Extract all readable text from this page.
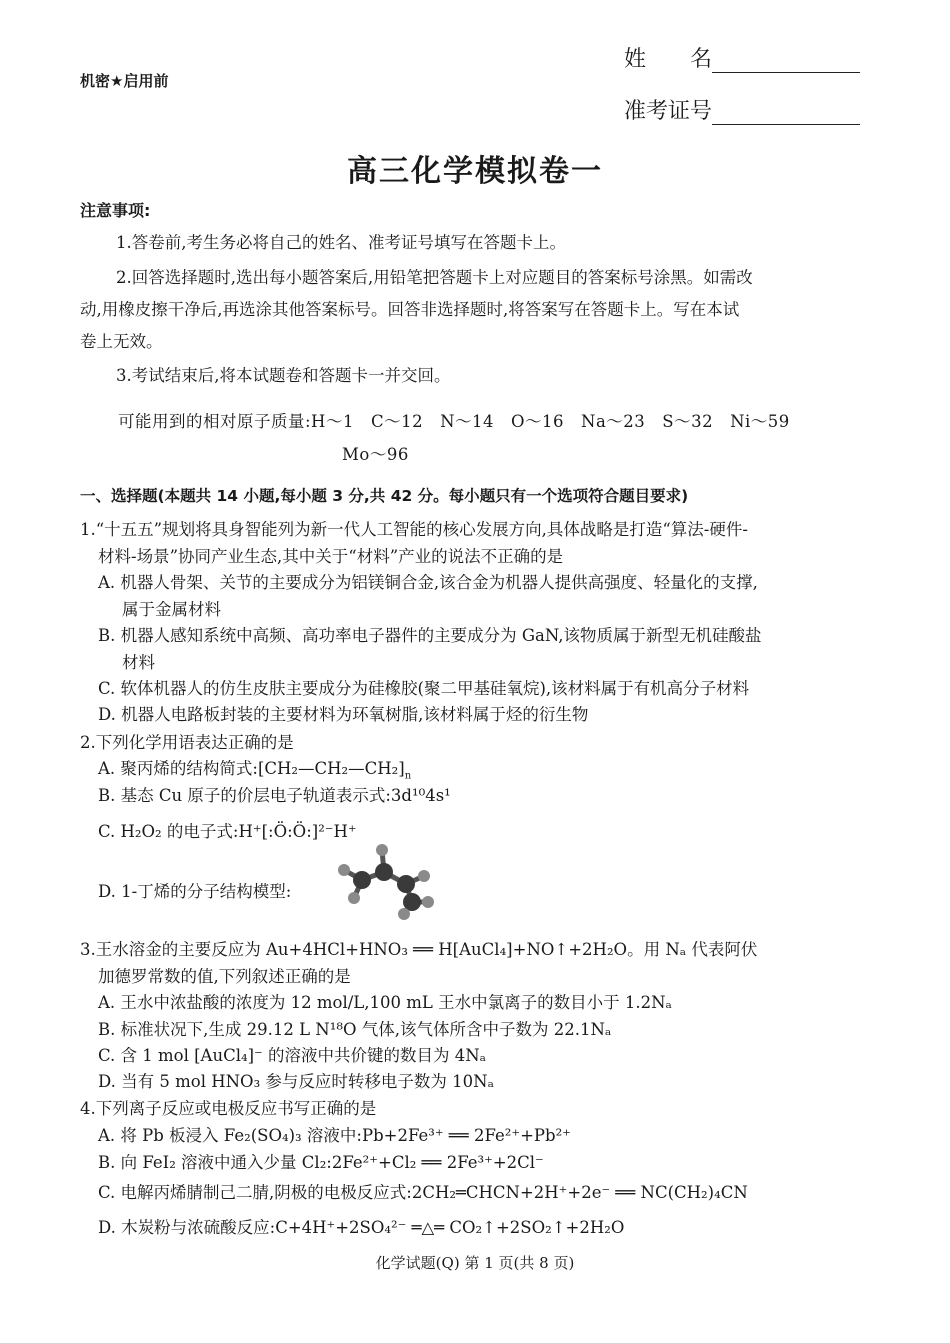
机密★启用前
姓　　名
准考证号
高三化学模拟卷一
注意事项:
1.答卷前,考生务必将自己的姓名、准考证号填写在答题卡上。
2.回答选择题时,选出每小题答案后,用铅笔把答题卡上对应题目的答案标号涂黑。如需改
动,用橡皮擦干净后,再选涂其他答案标号。回答非选择题时,将答案写在答题卡上。写在本试
卷上无效。
3.考试结束后,将本试题卷和答题卡一并交回。
可能用到的相对原子质量:H～1　C～12　N～14　O～16　Na～23　S～32　Ni～59
Mo～96
一、选择题(本题共 14 小题,每小题 3 分,共 42 分。每小题只有一个选项符合题目要求)
1.“十五五”规划将具身智能列为新一代人工智能的核心发展方向,具体战略是打造“算法-硬件-
材料-场景”协同产业生态,其中关于“材料”产业的说法不正确的是
A. 机器人骨架、关节的主要成分为铝镁铜合金,该合金为机器人提供高强度、轻量化的支撑,
属于金属材料
B. 机器人感知系统中高频、高功率电子器件的主要成分为 GaN,该物质属于新型无机硅酸盐
材料
C. 软体机器人的仿生皮肤主要成分为硅橡胶(聚二甲基硅氧烷),该材料属于有机高分子材料
D. 机器人电路板封装的主要材料为环氧树脂,该材料属于烃的衍生物
2.下列化学用语表达正确的是
A. 聚丙烯的结构简式$:[CH_2—CH_2—CH_2]_n$
B. 基态 Cu 原子的价层电子轨道表示式:3d¹⁰4s¹
C. H₂O₂ 的电子式:H⁺[:Ö:Ö:]²⁻H⁺
D. 1-丁烯的分子结构模型:
3.王水溶金的主要反应为 Au+4HCl+HNO₃ ══ H[AuCl₄]+NO↑+2H₂O。用 Nₐ 代表阿伏
加德罗常数的值,下列叙述正确的是
A. 王水中浓盐酸的浓度为 12 mol/L,100 mL 王水中氯离子的数目小于 1.2Nₐ
B. 标准状况下,生成 29.12 L N¹⁸O 气体,该气体所含中子数为 22.1Nₐ
C. 含 1 mol [AuCl₄]⁻ 的溶液中共价键的数目为 4Nₐ
D. 当有 5 mol HNO₃ 参与反应时转移电子数为 10Nₐ
4.下列离子反应或电极反应书写正确的是
A. 将 Pb 板浸入 Fe₂(SO₄)₃ 溶液中:Pb+2Fe³⁺ ══ 2Fe²⁺+Pb²⁺
B. 向 FeI₂ 溶液中通入少量 Cl₂:2Fe²⁺+Cl₂ ══ 2Fe³⁺+2Cl⁻
C. 电解丙烯腈制己二腈,阴极的电极反应式:2CH₂═CHCN+2H⁺+2e⁻ ══ NC(CH₂)₄CN
D. 木炭粉与浓硫酸反应:C+4H⁺+2SO₄²⁻ ═△═ CO₂↑+2SO₂↑+2H₂O
化学试题(Q) 第 1 页(共 8 页)
